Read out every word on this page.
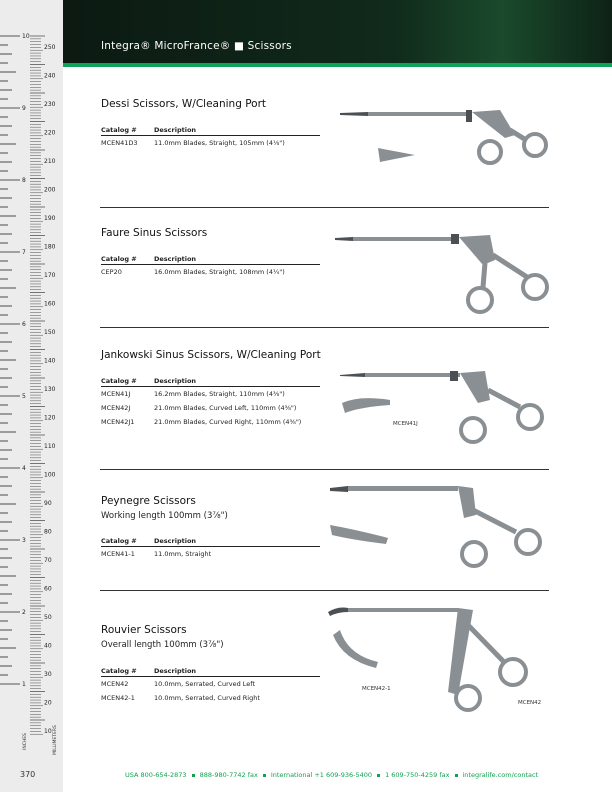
10
9
8
7
6
5
4
3
2
1
250
240
230
220
210
200
190
180
170
160
150
140
130
120
110
100
90
80
70
60
50
40
30
20
10
INCHES	MILLIMETERS
370
Integra® MicroFrance® ■ Scissors
Dessi Scissors, W/Cleaning Port
Catalog #	Description
MCEN41D3	11.0mm Blades, Straight, 105mm (4⅛")
Faure Sinus Scissors
Catalog #	Description
CEP20	16.0mm Blades, Straight, 108mm (4¼")
Jankowski Sinus Scissors, W/Cleaning Port
Catalog #	Description
MCEN41J	16.2mm Blades, Straight, 110mm (4⅜")
MCEN42J	21.0mm Blades, Curved Left, 110mm (4⅜")
MCEN42J1	21.0mm Blades, Curved Right, 110mm (4⅜")	MCEN41J
Peynegre Scissors
Working length 100mm (3⅞")
Catalog #	Description
MCEN41-1	11.0mm, Straight
Rouvier Scissors
Overall length 100mm (3⅞")
Catalog #	Description
MCEN42	10.0mm, Serrated, Curved Left
MCEN42-1	10.0mm, Serrated, Curved Right
MCEN42-1
MCEN42
USA 800-654-2873 888-980-7742 fax International +1 609-936-5400 1 609-750-4259 fax integralife.com/contact
